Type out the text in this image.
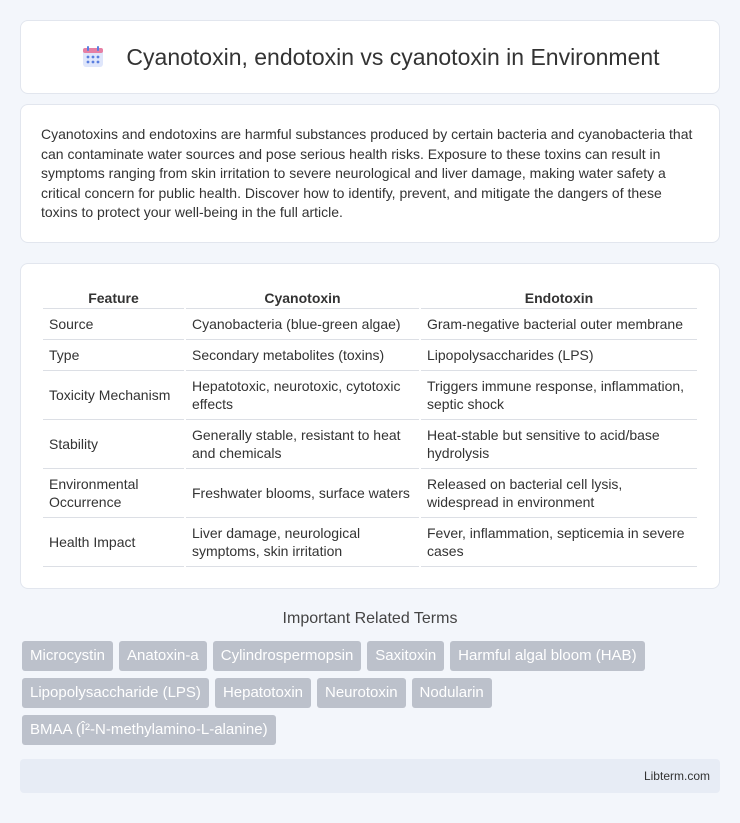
Cyanotoxin, endotoxin vs cyanotoxin in Environment

Cyanotoxins and endotoxins are harmful substances produced by certain bacteria and cyanobacteria that can contaminate water sources and pose serious health risks. Exposure to these toxins can result in symptoms ranging from skin irritation to severe neurological and liver damage, making water safety a critical concern for public health. Discover how to identify, prevent, and mitigate the dangers of these toxins to protect your well-being in the full article.

Feature	Cyanotoxin	Endotoxin
Source	Cyanobacteria (blue-green algae)	Gram-negative bacterial outer membrane
Type	Secondary metabolites (toxins)	Lipopolysaccharides (LPS)
Toxicity Mechanism	Hepatotoxic, neurotoxic, cytotoxic effects	Triggers immune response, inflammation, septic shock
Stability	Generally stable, resistant to heat and chemicals	Heat-stable but sensitive to acid/base hydrolysis
Environmental Occurrence	Freshwater blooms, surface waters	Released on bacterial cell lysis, widespread in environment
Health Impact	Liver damage, neurological symptoms, skin irritation	Fever, inflammation, septicemia in severe cases
Important Related Terms
Microcystin	Anatoxin-a	Cylindrospermopsin	Saxitoxin	Harmful algal bloom (HAB)
Lipopolysaccharide (LPS)	Hepatotoxin	Neurotoxin	Nodularin
BMAA (Î²-N-methylamino-L-alanine)
Libterm.com
